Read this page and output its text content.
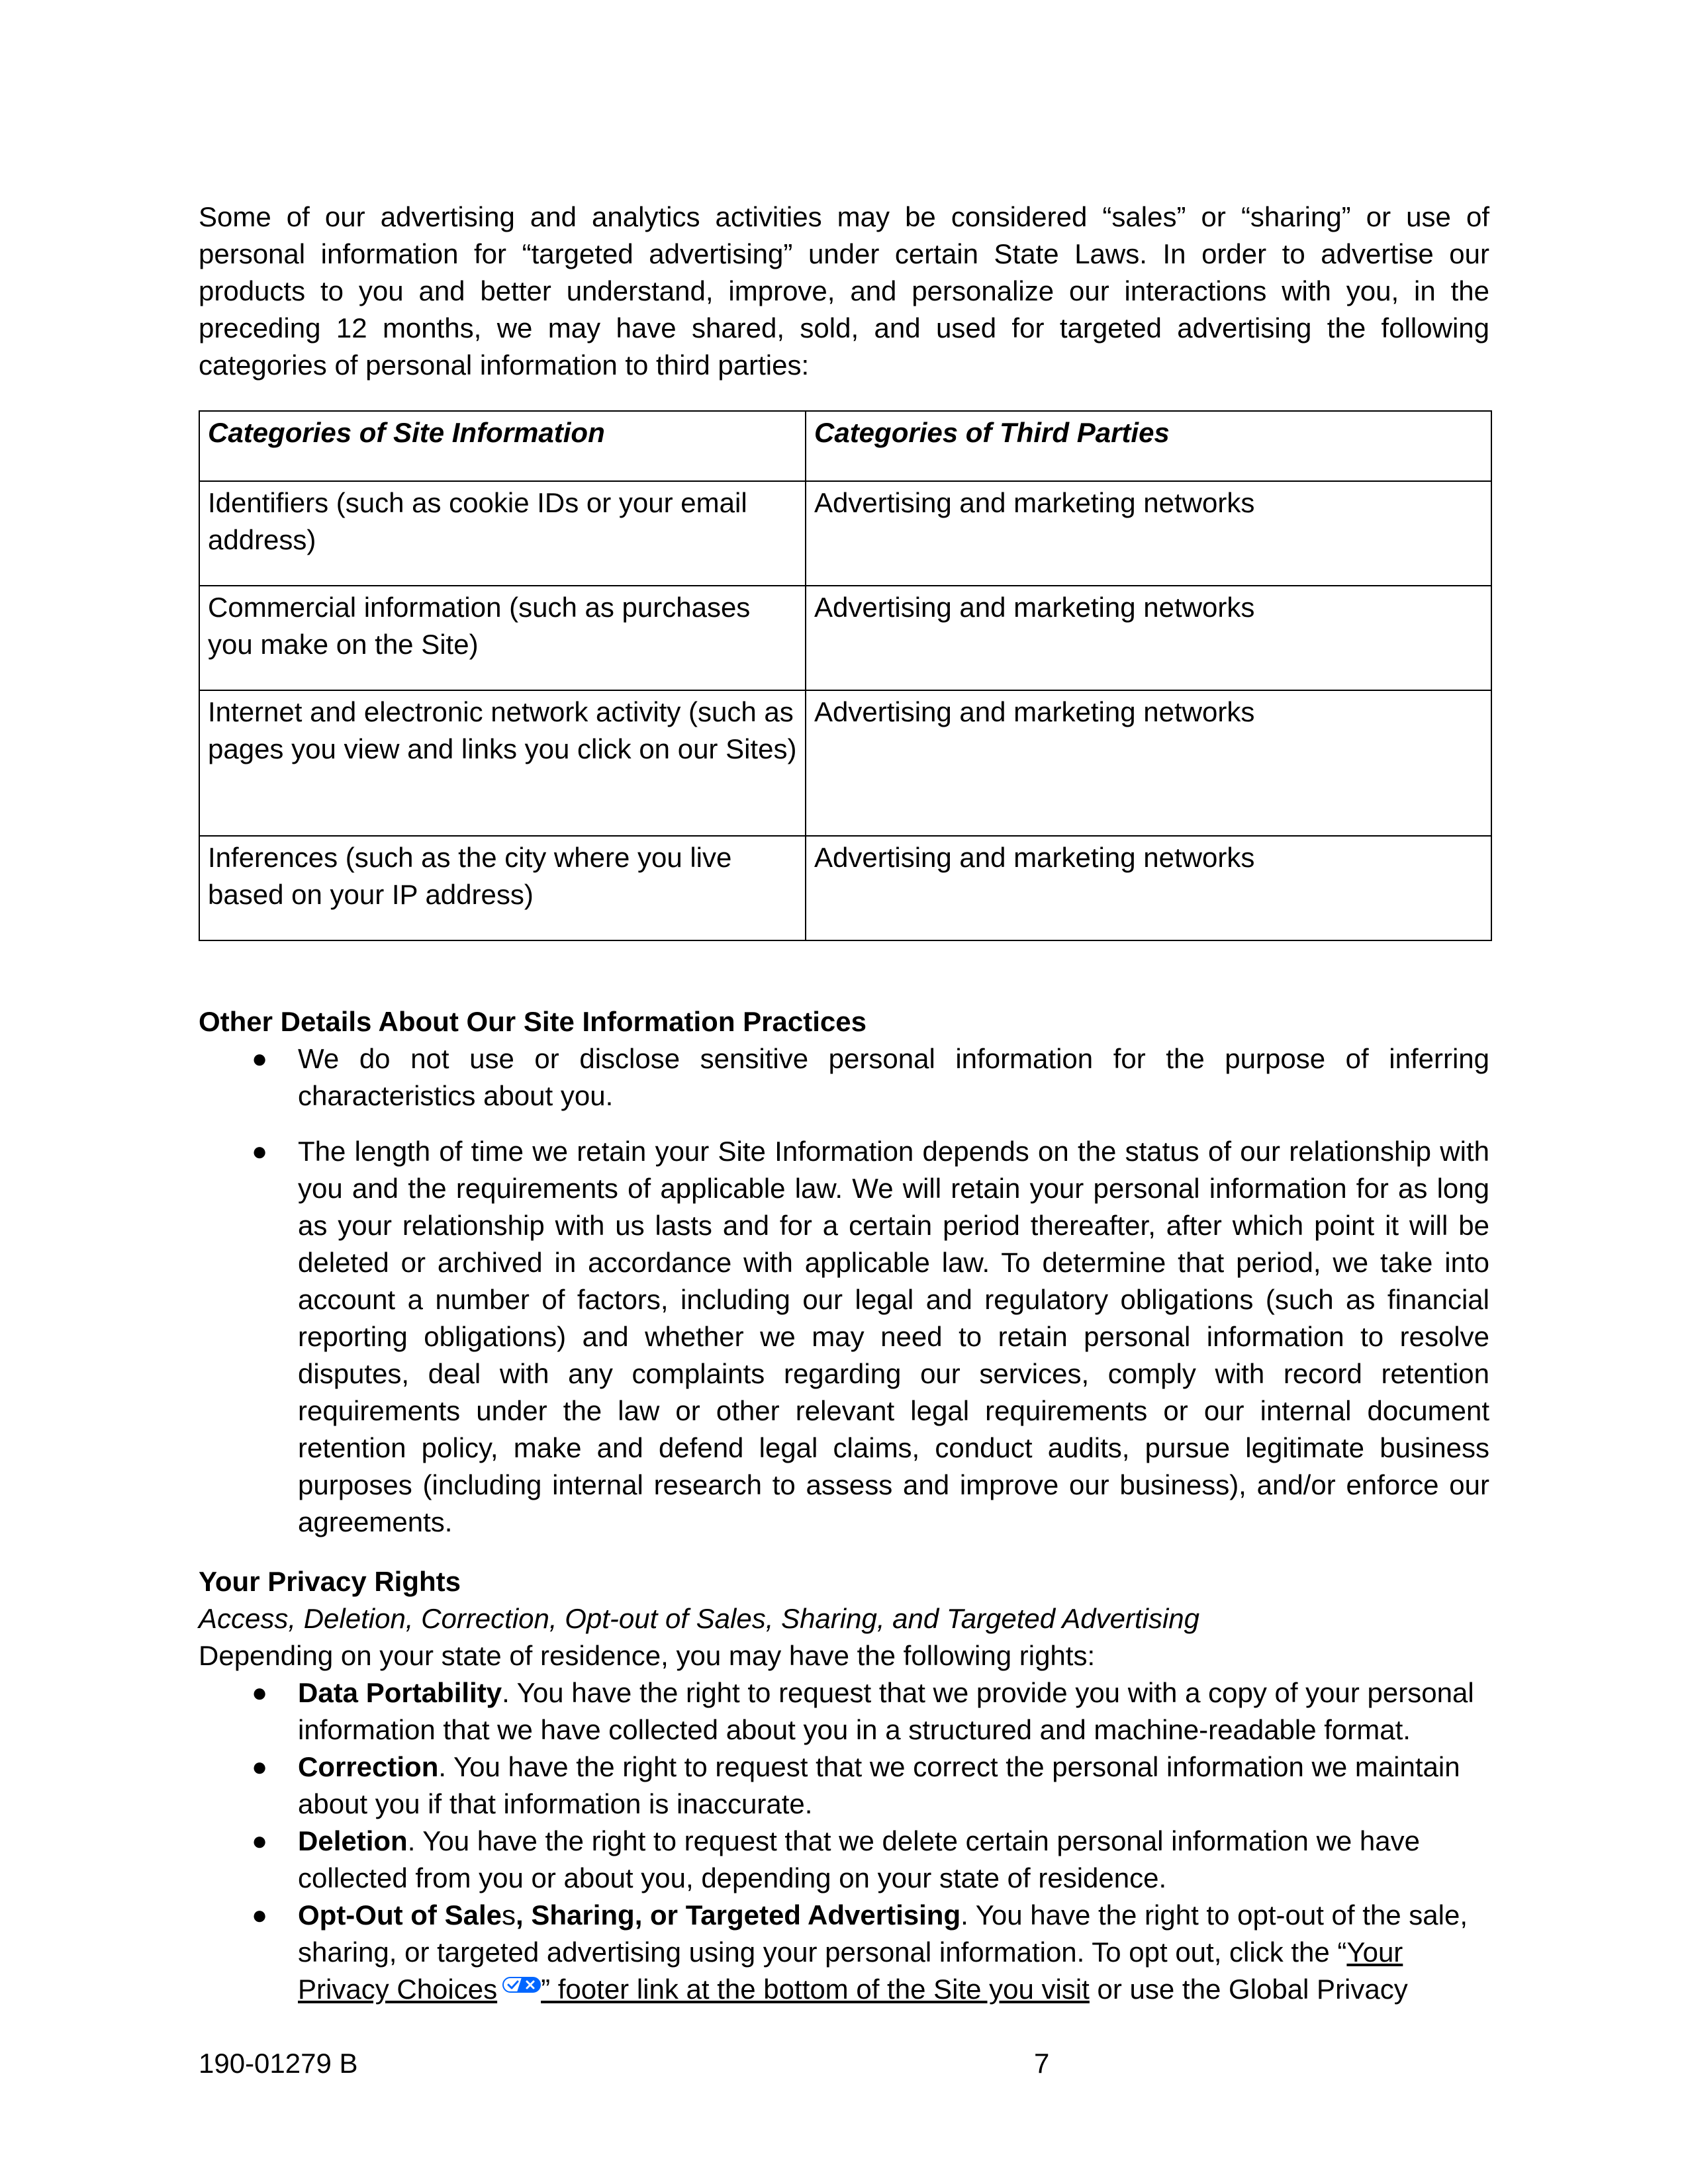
Some of our advertising and analytics activities may be considered “sales” or “sharing” or use of personal information for “targeted advertising” under certain State Laws. In order to advertise our products to you and better understand, improve, and personalize our interactions with you, in the preceding 12 months, we may have shared, sold, and used for targeted advertising the following categories of personal information to third parties:

Categories of Site Information	Categories of Third Parties
Identifiers (such as cookie IDs or your email address)	Advertising and marketing networks
Commercial information (such as purchases you make on the Site)	Advertising and marketing networks
Internet and electronic network activity (such as pages you view and links you click on our Sites)	Advertising and marketing networks
Inferences (such as the city where you live based on your IP address)	Advertising and marketing networks

Other Details About Our Site Information Practices

● We do not use or disclose sensitive personal information for the purpose of inferring characteristics about you.
● The length of time we retain your Site Information depends on the status of our relationship with you and the requirements of applicable law. We will retain your personal information for as long as your relationship with us lasts and for a certain period thereafter, after which point it will be deleted or archived in accordance with applicable law. To determine that period, we take into account a number of factors, including our legal and regulatory obligations (such as financial reporting obligations) and whether we may need to retain personal information to resolve disputes, deal with any complaints regarding our services, comply with record retention requirements under the law or other relevant legal requirements or our internal document retention policy, make and defend legal claims, conduct audits, pursue legitimate business purposes (including internal research to assess and improve our business), and/or enforce our agreements.

Your Privacy Rights

Access, Deletion, Correction, Opt-out of Sales, Sharing, and Targeted Advertising

Depending on your state of residence, you may have the following rights:

● Data Portability. You have the right to request that we provide you with a copy of your personal information that we have collected about you in a structured and machine-readable format.
● Correction. You have the right to request that we correct the personal information we maintain about you if that information is inaccurate.
● Deletion. You have the right to request that we delete certain personal information we have collected from you or about you, depending on your state of residence.
● Opt-Out of Sales, Sharing, or Targeted Advertising. You have the right to opt-out of the sale, sharing, or targeted advertising using your personal information. To opt out, click the “Your Privacy Choices ” footer link at the bottom of the Site you visit or use the Global Privacy
190-01279 B	7
